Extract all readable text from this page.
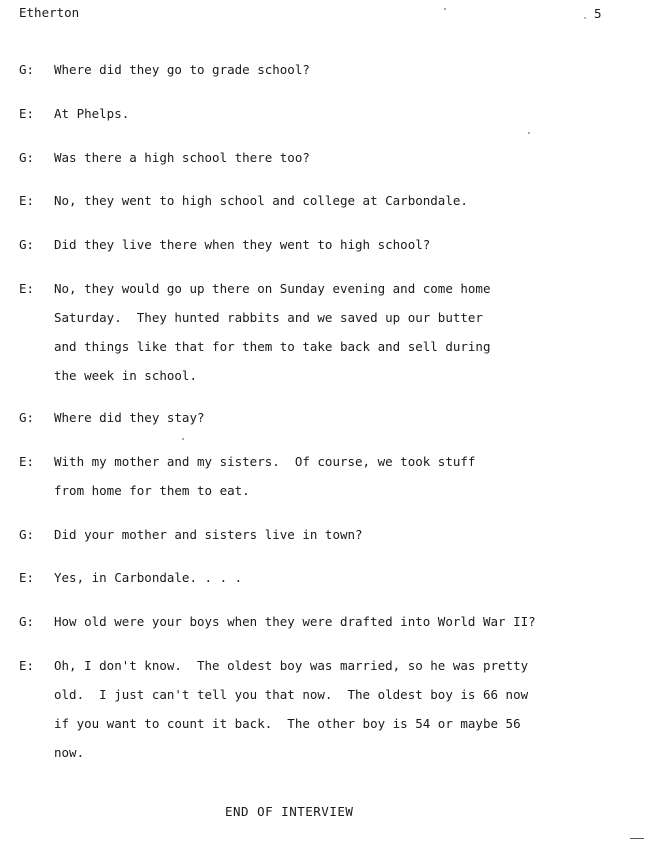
Etherton	ˎ 5
G:	Where did they go to grade school?
E:	At Phelps.
G:	Was there a high school there too?
E:	No, they went to high school and college at Carbondale.
G:	Did they live there when they went to high school?
E:	No, they would go up there on Sunday evening and come home
Saturday.  They hunted rabbits and we saved up our butter
and things like that for them to take back and sell during
the week in school.
G:	Where did they stay?
E:	With my mother and my sisters.  Of course, we took stuff
from home for them to eat.
G:	Did your mother and sisters live in town?
E:	Yes, in Carbondale. . . .
G:	How old were your boys when they were drafted into World War II?
E:	Oh, I don't know.  The oldest boy was married, so he was pretty
old.  I just can't tell you that now.  The oldest boy is 66 now
if you want to count it back.  The other boy is 54 or maybe 56
now.
END OF INTERVIEW
